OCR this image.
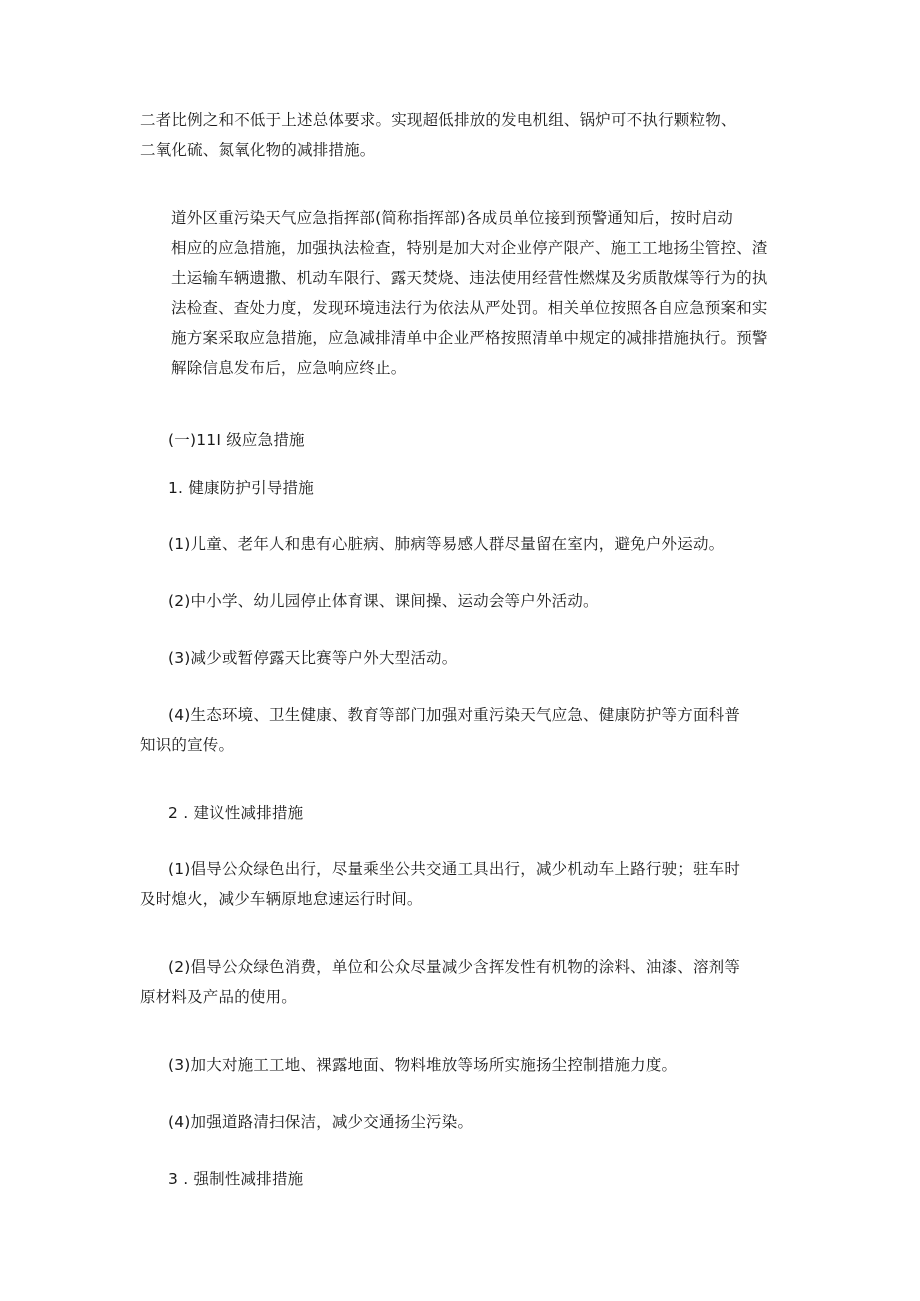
二者比例之和不低于上述总体要求。实现超低排放的发电机组、锅炉可不执行颗粒物、
二氧化硫、氮氧化物的减排措施。

道外区重污染天气应急指挥部(简称指挥部)各成员单位接到预警通知后，按时启动
相应的应急措施，加强执法检查，特别是加大对企业停产限产、施工工地扬尘管控、渣
土运输车辆遗撒、机动车限行、露天焚烧、违法使用经营性燃煤及劣质散煤等行为的执
法检查、查处力度，发现环境违法行为依法从严处罚。相关单位按照各自应急预案和实
施方案采取应急措施，应急减排清单中企业严格按照清单中规定的减排措施执行。预警
解除信息发布后，应急响应终止。

(一)11I 级应急措施

1. 健康防护引导措施

(1)儿童、老年人和患有心脏病、肺病等易感人群尽量留在室内，避免户外运动。

(2)中小学、幼儿园停止体育课、课间操、运动会等户外活动。

(3)减少或暂停露天比赛等户外大型活动。

(4)生态环境、卫生健康、教育等部门加强对重污染天气应急、健康防护等方面科普
知识的宣传。

2 . 建议性减排措施

(1)倡导公众绿色出行，尽量乘坐公共交通工具出行，减少机动车上路行驶；驻车时
及时熄火，减少车辆原地怠速运行时间。

(2)倡导公众绿色消费，单位和公众尽量减少含挥发性有机物的涂料、油漆、溶剂等
原材料及产品的使用。

(3)加大对施工工地、裸露地面、物料堆放等场所实施扬尘控制措施力度。

(4)加强道路清扫保洁，减少交通扬尘污染。

3 . 强制性减排措施
